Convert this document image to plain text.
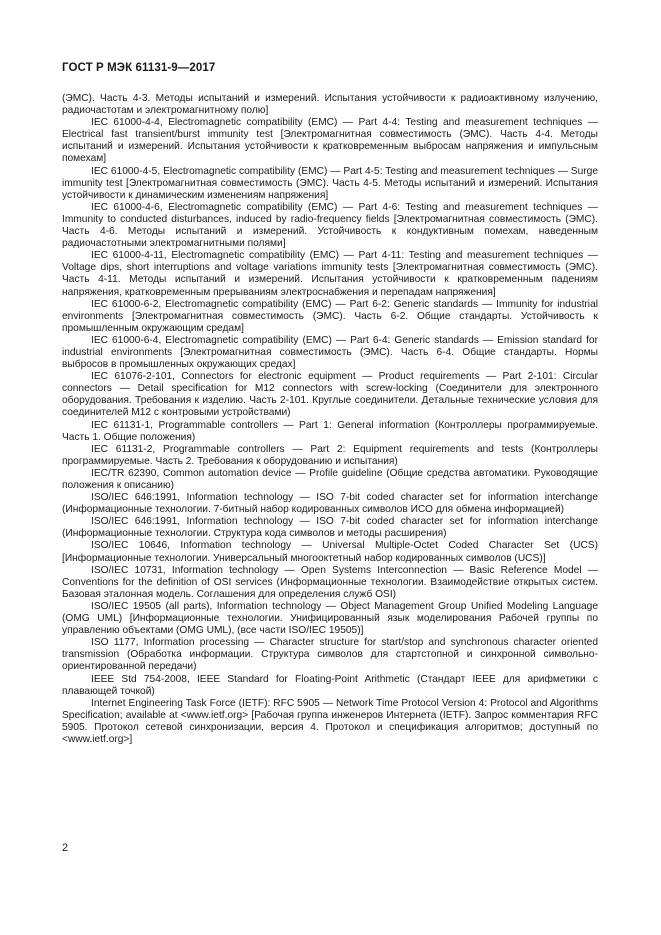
ГОСТ Р МЭК 61131-9—2017

(ЭМС). Часть 4-3. Методы испытаний и измерений. Испытания устойчивости к радиоактивному излучению, радиочастотам и электромагнитному полю]

IEC 61000-4-4, Electromagnetic compatibility (EMC) — Part 4-4: Testing and measurement techniques — Electrical fast transient/burst immunity test [Электромагнитная совместимость (ЭМС). Часть 4-4. Методы испытаний и измерений. Испытания устойчивости к кратковременным выбросам напряжения и импульсным помехам]

IEC 61000-4-5, Electromagnetic compatibility (EMC) — Part 4-5: Testing and measurement techniques — Surge immunity test [Электромагнитная совместимость (ЭМС). Часть 4-5. Методы испытаний и измерений. Испытания устойчивости к динамическим изменениям напряжения]

IEC 61000-4-6, Electromagnetic compatibility (EMC) — Part 4-6: Testing and measurement techniques — Immunity to conducted disturbances, induced by radio-frequency fields [Электромагнитная совместимость (ЭМС). Часть 4-6. Методы испытаний и измерений. Устойчивость к кондуктивным помехам, наведенным радиочастотными электромагнитными полями]

IEC 61000-4-11, Electromagnetic compatibility (EMC) — Part 4-11: Testing and measurement techniques — Voltage dips, short interruptions and voltage variations immunity tests [Электромагнитная совместимость (ЭМС). Часть 4-11. Методы испытаний и измерений. Испытания устойчивости к кратковременным падениям напряжения, кратковременным прерываниям электроснабжения и перепадам напряжения]

IEC 61000-6-2, Electromagnetic compatibility (EMC) — Part 6-2: Generic standards — Immunity for industrial environments [Электромагнитная совместимость (ЭМС). Часть 6-2. Общие стандарты. Устойчивость к промышленным окружающим средам]

IEC 61000-6-4, Electromagnetic compatibility (EMC) — Part 6-4: Generic standards — Emission standard for industrial environments [Электромагнитная совместимость (ЭМС). Часть 6-4. Общие стандарты. Нормы выбросов в промышленных окружающих средах]

IEC 61076-2-101, Connectors for electronic equipment — Product requirements — Part 2-101: Circular connectors — Detail specification for M12 connectors with screw-locking (Соединители для электронного оборудования. Требования к изделию. Часть 2-101. Круглые соединители. Детальные технические условия для соединителей M12 с контровыми устройствами)

IEC 61131-1, Programmable controllers — Part 1: General information (Контроллеры программируемые. Часть 1. Общие положения)

IEC 61131-2, Programmable controllers — Part 2: Equipment requirements and tests (Контроллеры программируемые. Часть 2. Требования к оборудованию и испытания)

IEC/TR 62390, Common automation device — Profile guideline (Общие средства автоматики. Руководящие положения к описанию)

ISO/IEC 646:1991, Information technology — ISO 7-bit coded character set for information interchange (Информационные технологии. 7-битный набор кодированных символов ИСО для обмена информацией)

ISO/IEC 646:1991, Information technology — ISO 7-bit coded character set for information interchange (Информационные технологии. Структура кода символов и методы расширения)

ISO/IEC 10646, Information technology — Universal Multiple-Octet Coded Character Set (UCS) [Информационные технологии. Универсальный многооктетный набор кодированных символов (UCS)]

ISO/IEC 10731, Information technology — Open Systems Interconnection — Basic Reference Model — Conventions for the definition of OSI services (Информационные технологии. Взаимодействие открытых систем. Базовая эталонная модель. Соглашения для определения служб OSI)

ISO/IEC 19505 (all parts), Information technology — Object Management Group Unified Modeling Language (OMG UML) [Информационные технологии. Унифицированный язык моделирования Рабочей группы по управлению объектами (OMG UML), (все части ISO/IEC 19505)]

ISO 1177, Information processing — Character structure for start/stop and synchronous character oriented transmission (Обработка информации. Структура символов для стартстопной и синхронной символьно-ориентированной передачи)

IEEE Std 754-2008, IEEE Standard for Floating-Point Arithmetic (Стандарт IEEE для арифметики с плавающей точкой)

Internet Engineering Task Force (IETF): RFC 5905 — Network Time Protocol Version 4: Protocol and Algorithms Specification; available at <www.ietf.org> [Рабочая группа инженеров Интернета (IETF). Запрос комментария RFC 5905. Протокол сетевой синхронизации, версия 4. Протокол и спецификация алгоритмов; доступный по <www.ietf.org>]

2
